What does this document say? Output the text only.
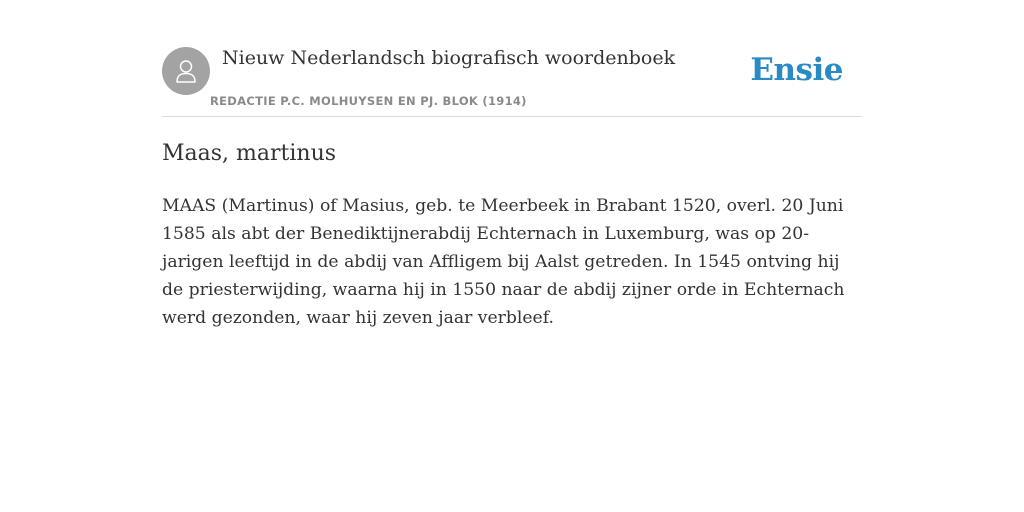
Nieuw Nederlandsch biografisch woordenboek
REDACTIE P.C. MOLHUYSEN EN PJ. BLOK (1914)
Ensie
Maas, martinus

MAAS (Martinus) of Masius, geb. te Meerbeek in Brabant 1520, overl. 20 Juni 1585 als abt der Benediktijnerabdij Echternach in Luxemburg, was op 20-jarigen leeftijd in de abdij van Affligem bij Aalst getreden. In 1545 ontving hij de priesterwijding, waarna hij in 1550 naar de abdij zijner orde in Echternach werd gezonden, waar hij zeven jaar verbleef.
